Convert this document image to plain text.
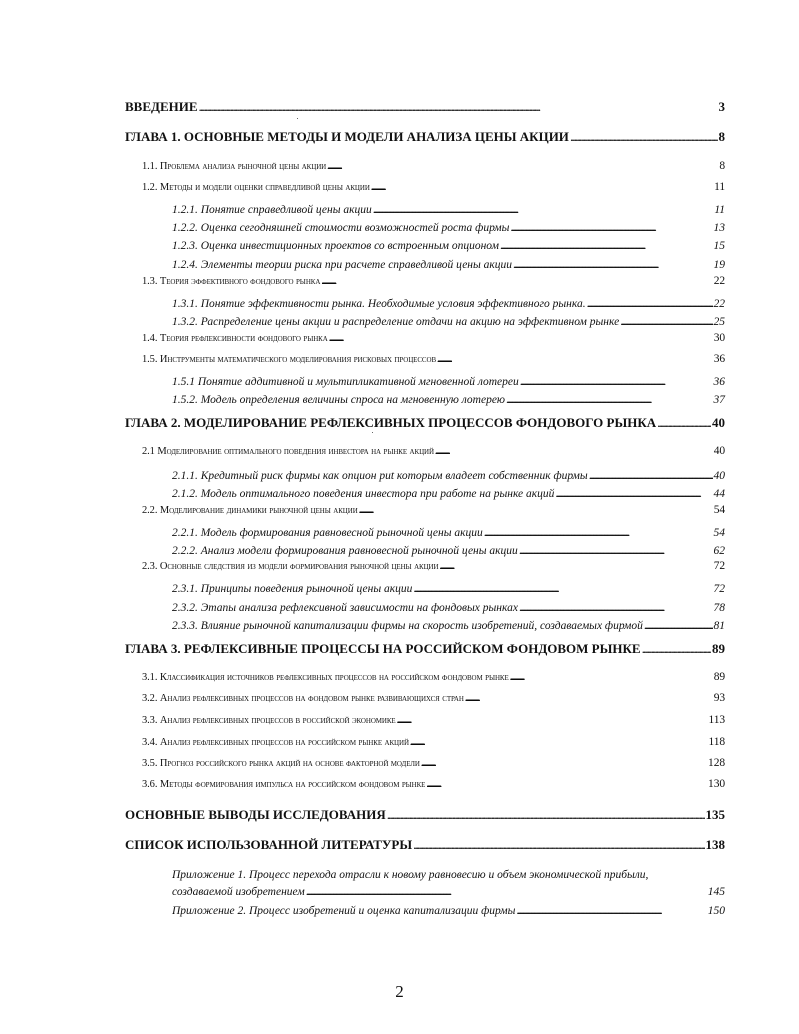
ВВЕДЕНИЕ . . .	3
ГЛАВА 1. ОСНОВНЫЕ МЕТОДЫ И МОДЕЛИ АНАЛИЗА ЦЕНЫ АКЦИИ . . .	8
1.1. Проблема анализа рыночной цены акции . . .	8
1.2. Методы и модели оценки справедливой цены акции . . .	11
1.2.1. Понятие справедливой цены акции . . .	11
1.2.2. Оценка сегодняшней стоимости возможностей роста фирмы . . .	13
1.2.3. Оценка инвестиционных проектов со встроенным опционом . . .	15
1.2.4. Элементы теории риска при расчете справедливой цены акции . . .	19
1.3. Теория эффективного фондового рынка . . .	22
1.3.1. Понятие эффективности рынка. Необходимые условия эффективного рынка. . . .	22
1.3.2. Распределение цены акции и распределение отдачи на акцию на эффективном рынке . . .	25
1.4. Теория рефлексивности фондового рынка . . .	30
1.5. Инструменты математического моделирования рисковых процессов . . .	36
1.5.1 Понятие аддитивной и мультипликативной мгновенной лотереи . . .	36
1.5.2. Модель определения величины спроса на мгновенную лотерею . . .	37
ГЛАВА 2. МОДЕЛИРОВАНИЕ РЕФЛЕКСИВНЫХ ПРОЦЕССОВ ФОНДОВОГО РЫНКА . . .	40
2.1 Моделирование оптимального поведения инвестора на рынке акций . . .	40
2.1.1. Кредитный риск фирмы как опцион put которым владеет собственник фирмы . . .	40
2.1.2. Модель оптимального поведения инвестора при работе на рынке акций . . .	44
2.2. Моделирование динамики рыночной цены акции . . .	54
2.2.1. Модель формирования равновесной рыночной цены акции . . .	54
2.2.2. Анализ модели формирования равновесной рыночной цены акции . . .	62
2.3. Основные следствия из модели формирования рыночной цены акции . . .	72
2.3.1. Принципы поведения рыночной цены акции . . .	72
2.3.2. Этапы анализа рефлексивной зависимости на фондовых рынках . . .	78
2.3.3. Влияние рыночной капитализации фирмы на скорость изобретений, создаваемых фирмой . . .	81
ГЛАВА 3. РЕФЛЕКСИВНЫЕ ПРОЦЕССЫ НА РОССИЙСКОМ ФОНДОВОМ РЫНКЕ . . .	89
3.1. Классификация источников рефлексивных процессов на российском фондовом рынке . . .	89
3.2. Анализ рефлексивных процессов на фондовом рынке развивающихся стран . . .	93
3.3. Анализ рефлексивных процессов в российской экономике . . .	113
3.4. Анализ рефлексивных процессов на российском рынке акций . . .	118
3.5. Прогноз российского рынка акций на основе факторной модели . . .	128
3.6. Методы формирования импульса на российском фондовом рынке . . .	130
ОСНОВНЫЕ ВЫВОДЫ ИССЛЕДОВАНИЯ . . .	135
СПИСОК ИСПОЛЬЗОВАННОЙ ЛИТЕРАТУРЫ . . .	138
Приложение 1. Процесс перехода отрасли к новому равновесию и объем экономической прибыли,
создаваемой изобретением . . .	145
Приложение 2. Процесс изобретений и оценка капитализации фирмы . . .	150
2
